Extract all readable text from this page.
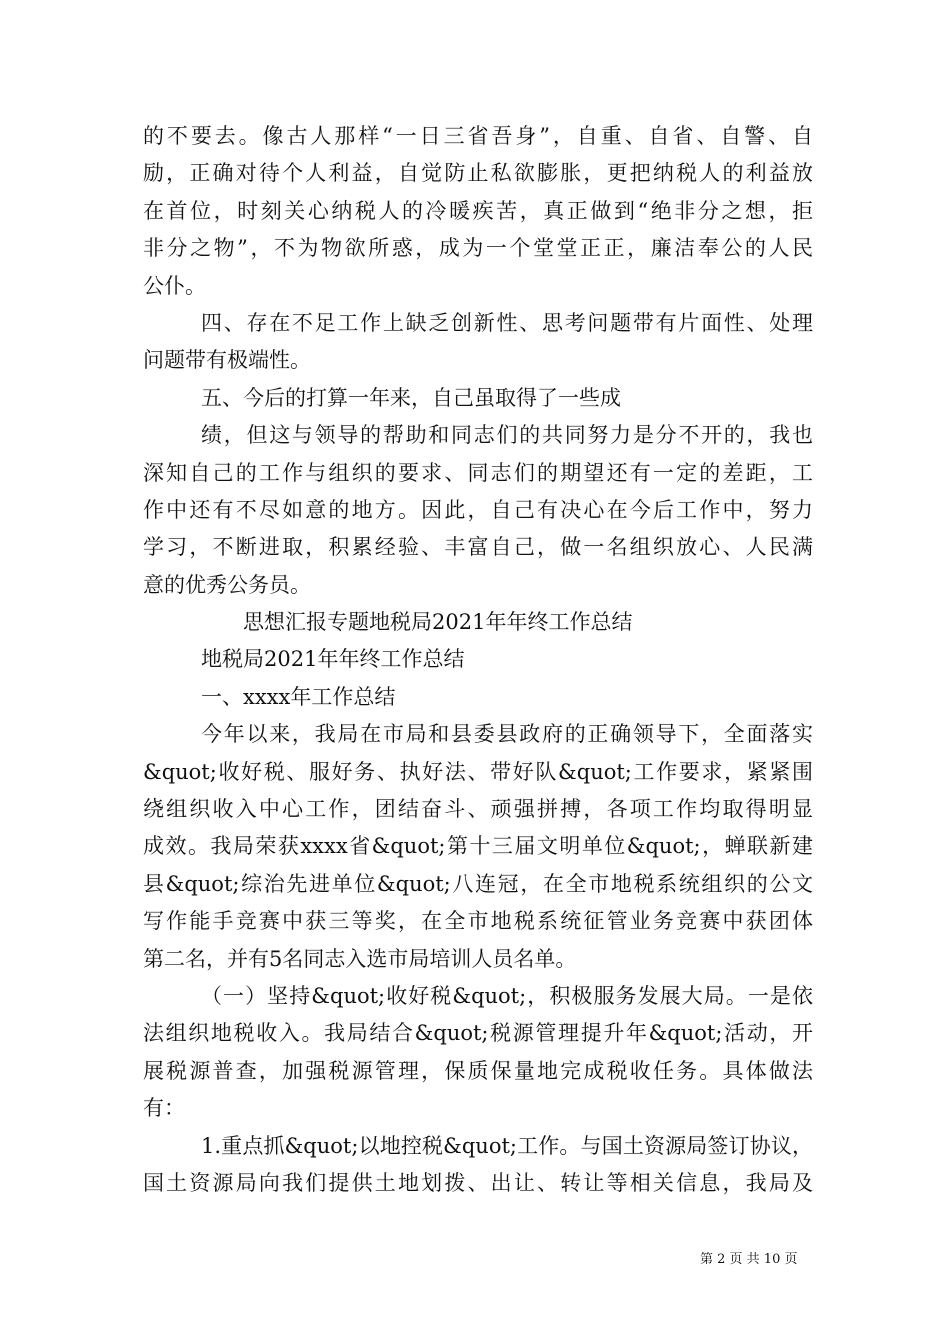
的不要去。像古人那样“一日三省吾身”，自重、自省、自警、自
励，正确对待个人利益，自觉防止私欲膨胀，更把纳税人的利益放
在首位，时刻关心纳税人的冷暖疾苦，真正做到“绝非分之想，拒
非分之物”，不为物欲所惑，成为一个堂堂正正，廉洁奉公的人民
公仆。
四、存在不足工作上缺乏创新性、思考问题带有片面性、处理
问题带有极端性。
五、今后的打算一年来，自己虽取得了一些成
绩，但这与领导的帮助和同志们的共同努力是分不开的，我也
深知自己的工作与组织的要求、同志们的期望还有一定的差距，工
作中还有不尽如意的地方。因此，自己有决心在今后工作中，努力
学习，不断进取，积累经验、丰富自己，做一名组织放心、人民满
意的优秀公务员。
思想汇报专题地税局2021年年终工作总结
地税局2021年年终工作总结
一、xxxx年工作总结
今年以来，我局在市局和县委县政府的正确领导下，全面落实
&quot;收好税、服好务、执好法、带好队&quot;工作要求，紧紧围
绕组织收入中心工作，团结奋斗、顽强拼搏，各项工作均取得明显
成效。我局荣获xxxx省&quot;第十三届文明单位&quot;，蝉联新建
县&quot;综治先进单位&quot;八连冠，在全市地税系统组织的公文
写作能手竞赛中获三等奖，在全市地税系统征管业务竞赛中获团体
第二名，并有5名同志入选市局培训人员名单。
（一）坚持&quot;收好税&quot;，积极服务发展大局。一是依
法组织地税收入。我局结合&quot;税源管理提升年&quot;活动，开
展税源普查，加强税源管理，保质保量地完成税收任务。具体做法
有：
1.重点抓&quot;以地控税&quot;工作。与国土资源局签订协议，
国土资源局向我们提供土地划拨、出让、转让等相关信息，我局及
第 2 页 共 10 页
